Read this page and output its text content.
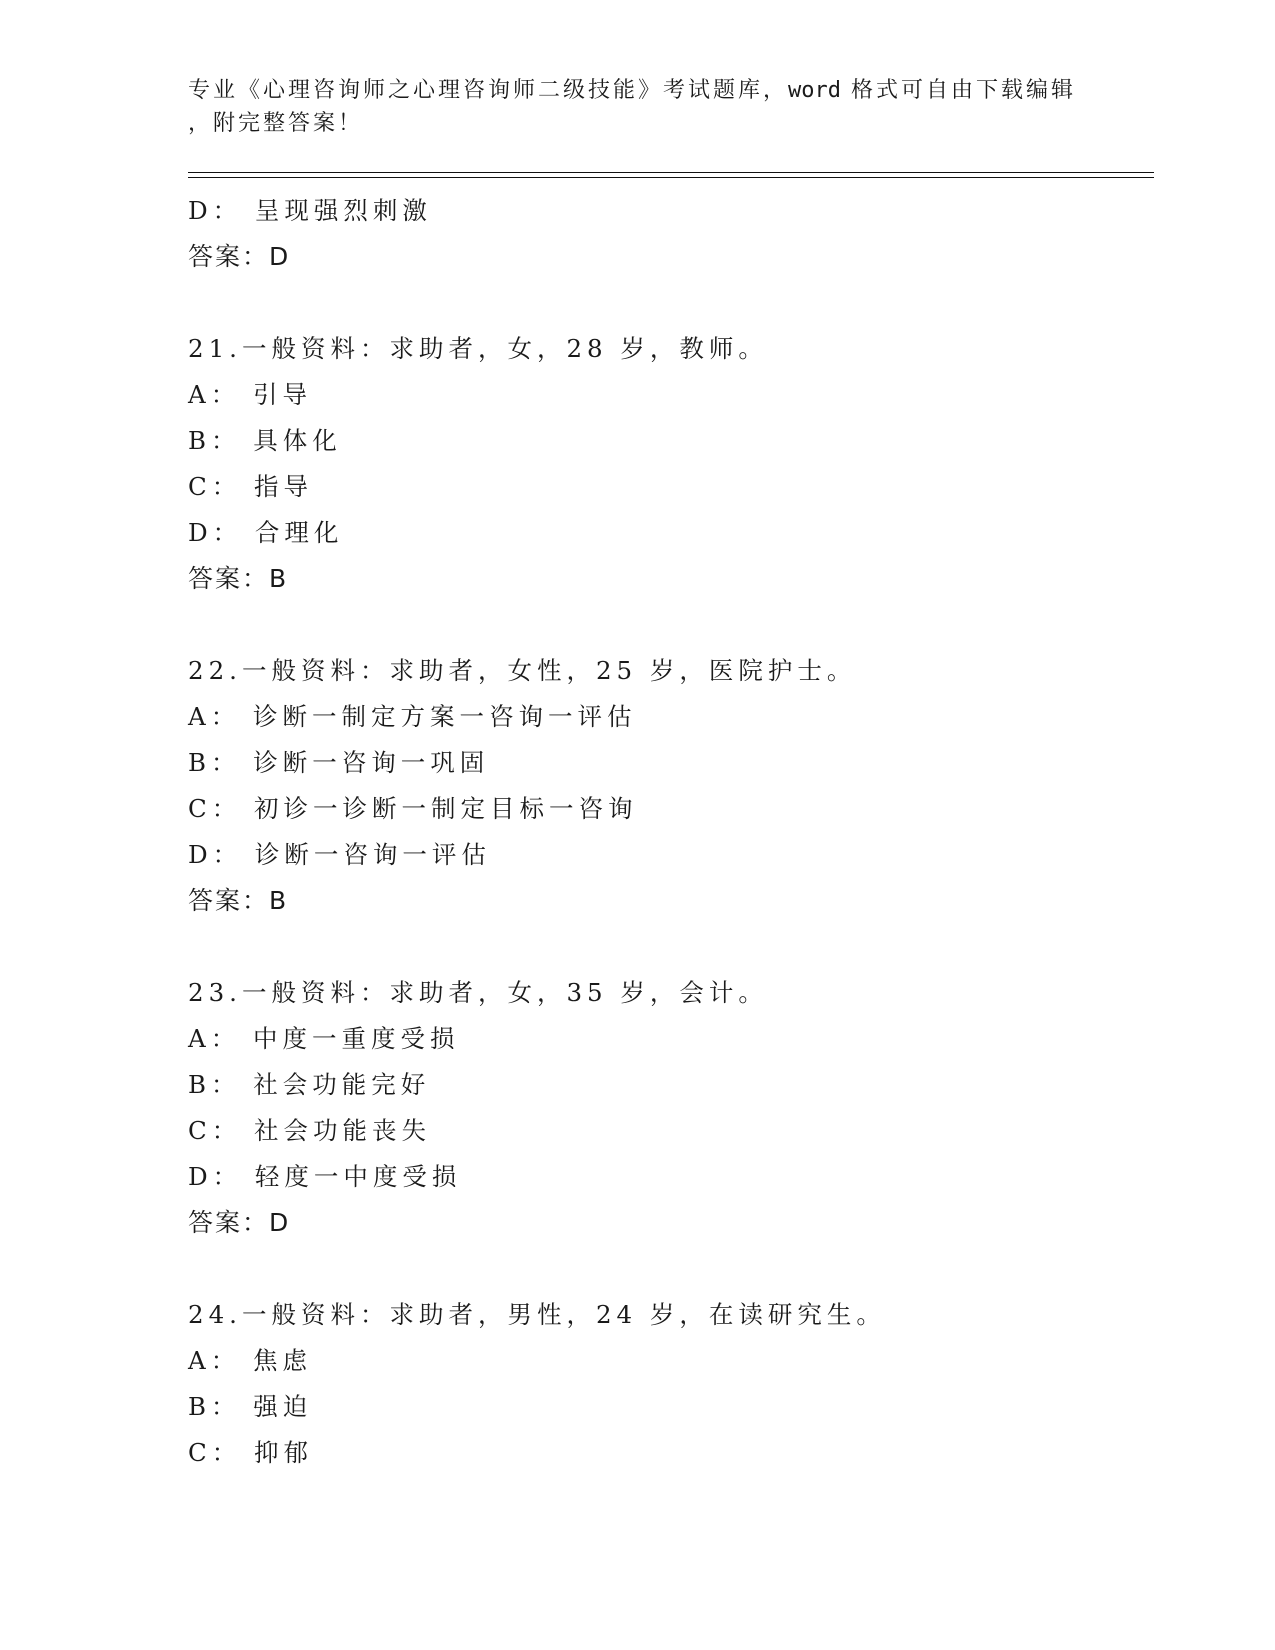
专业《心理咨询师之心理咨询师二级技能》考试题库，word 格式可自由下载编辑
，附完整答案！
D： 呈现强烈刺激
答案：D
21.一般资料：求助者，女，28 岁，教师。
A： 引导
B： 具体化
C： 指导
D： 合理化
答案：B
22.一般资料：求助者，女性，25 岁，医院护士。
A： 诊断一制定方案一咨询一评估
B： 诊断一咨询一巩固
C： 初诊一诊断一制定目标一咨询
D： 诊断一咨询一评估
答案：B
23.一般资料：求助者，女，35 岁，会计。
A： 中度一重度受损
B： 社会功能完好
C： 社会功能丧失
D： 轻度一中度受损
答案：D
24.一般资料：求助者，男性，24 岁，在读研究生。
A： 焦虑
B： 强迫
C： 抑郁
